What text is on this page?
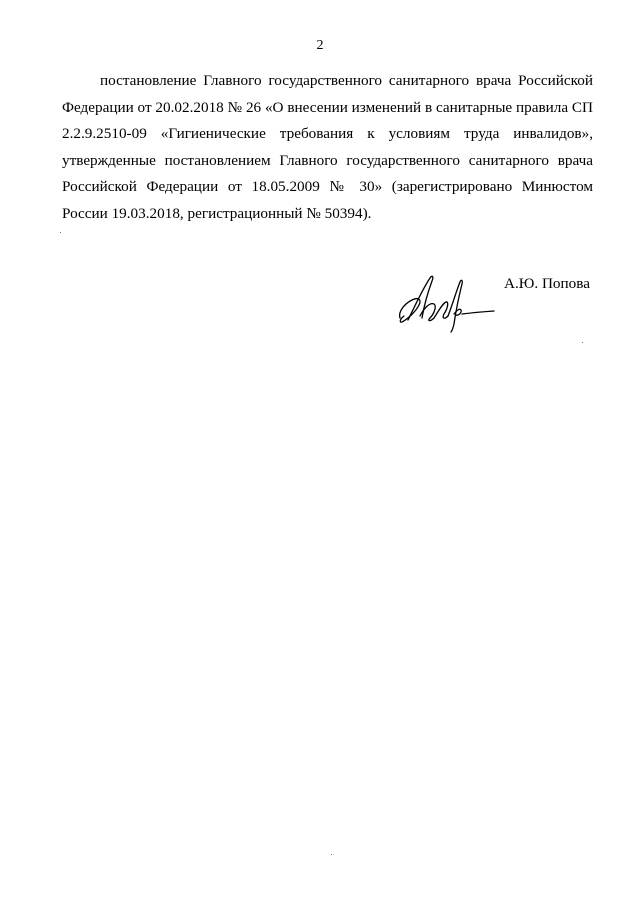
2

постановление Главного государственного санитарного врача Российской Федерации от 20.02.2018 № 26 «О внесении изменений в санитарные правила СП 2.2.9.2510-09 «Гигиенические требования к условиям труда инвалидов», утвержденные постановлением Главного государственного санитарного врача Российской Федерации от 18.05.2009 № 30» (зарегистрировано Минюстом России 19.03.2018, регистрационный № 50394).

А.Ю. Попова
